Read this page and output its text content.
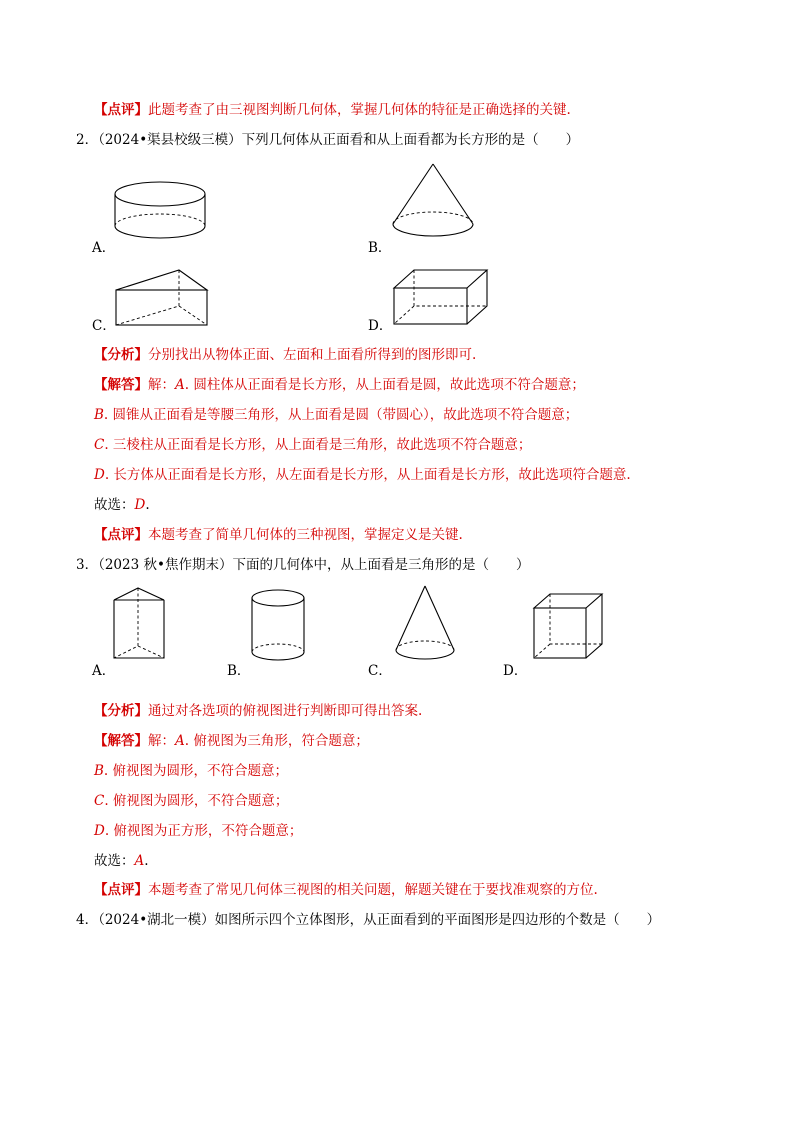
【点评】此题考查了由三视图判断几何体，掌握几何体的特征是正确选择的关键.
2．（2024•渠县校级三模）下列几何体从正面看和从上面看都为长方形的是（　　）
A．	B．
C．	D．
【分析】分别找出从物体正面、左面和上面看所得到的图形即可.
【解答】解：A. 圆柱体从正面看是长方形，从上面看是圆，故此选项不符合题意；
B. 圆锥从正面看是等腰三角形，从上面看是圆（带圆心），故此选项不符合题意；
C. 三棱柱从正面看是长方形，从上面看是三角形，故此选项不符合题意；
D. 长方体从正面看是长方形，从左面看是长方形，从上面看是长方形，故此选项符合题意.
故选：D.
【点评】本题考查了简单几何体的三种视图，掌握定义是关键.
3．（2023 秋•焦作期末）下面的几何体中，从上面看是三角形的是（　　）
A．	B．	C．	D．
【分析】通过对各选项的俯视图进行判断即可得出答案.
【解答】解：A. 俯视图为三角形，符合题意；
B. 俯视图为圆形，不符合题意；
C. 俯视图为圆形，不符合题意；
D. 俯视图为正方形，不符合题意；
故选：A.
【点评】本题考查了常见几何体三视图的相关问题，解题关键在于要找准观察的方位.
4．（2024•湖北一模）如图所示四个立体图形，从正面看到的平面图形是四边形的个数是（　　）
